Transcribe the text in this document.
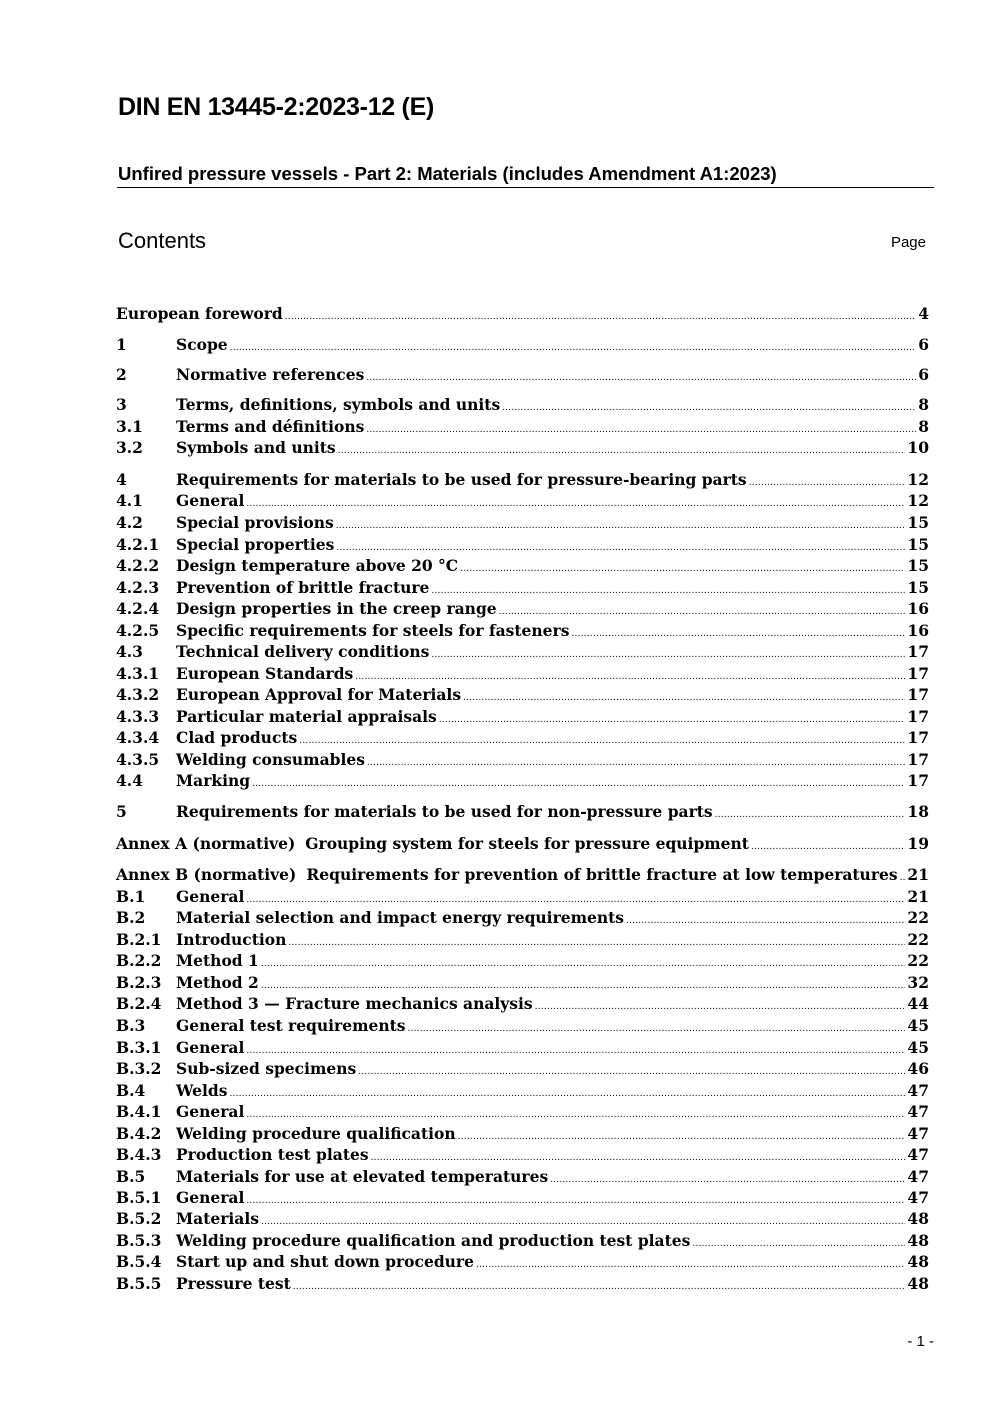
DIN EN 13445-2:2023-12 (E)
Unfired pressure vessels - Part 2: Materials (includes Amendment A1:2023)
Contents	Page
European foreword .....	4
1	Scope .....	6
2	Normative references .....	6
3	Terms, definitions, symbols and units .....	8
3.1	Terms and définitions .....	8
3.2	Symbols and units .....	10
4	Requirements for materials to be used for pressure-bearing parts .....	12
4.1	General .....	12
4.2	Special provisions .....	15
4.2.1	Special properties .....	15
4.2.2	Design temperature above 20 °C .....	15
4.2.3	Prevention of brittle fracture .....	15
4.2.4	Design properties in the creep range .....	16
4.2.5	Specific requirements for steels for fasteners .....	16
4.3	Technical delivery conditions .....	17
4.3.1	European Standards .....	17
4.3.2	European Approval for Materials .....	17
4.3.3	Particular material appraisals .....	17
4.3.4	Clad products .....	17
4.3.5	Welding consumables .....	17
4.4	Marking .....	17
5	Requirements for materials to be used for non-pressure parts .....	18
Annex A (normative) Grouping system for steels for pressure equipment .....	19
Annex B (normative) Requirements for prevention of brittle fracture at low temperatures ..... 21
B.1	General .....	21
B.2	Material selection and impact energy requirements .....	22
B.2.1 Introduction .....	22
B.2.2 Method 1 .....	22
B.2.3 Method 2 .....	32
B.2.4 Method 3 — Fracture mechanics analysis .....	44
B.3	General test requirements .....	45
B.3.1 General .....	45
B.3.2 Sub-sized specimens .....	46
B.4	Welds .....	47
B.4.1 General .....	47
B.4.2 Welding procedure qualification .....	47
B.4.3 Production test plates .....	47
B.5	Materials for use at elevated temperatures .....	47
B.5.1 General .....	47
B.5.2 Materials .....	48
B.5.3 Welding procedure qualification and production test plates .....	48
B.5.4 Start up and shut down procedure .....	48
B.5.5 Pressure test .....	48
- 1 -
